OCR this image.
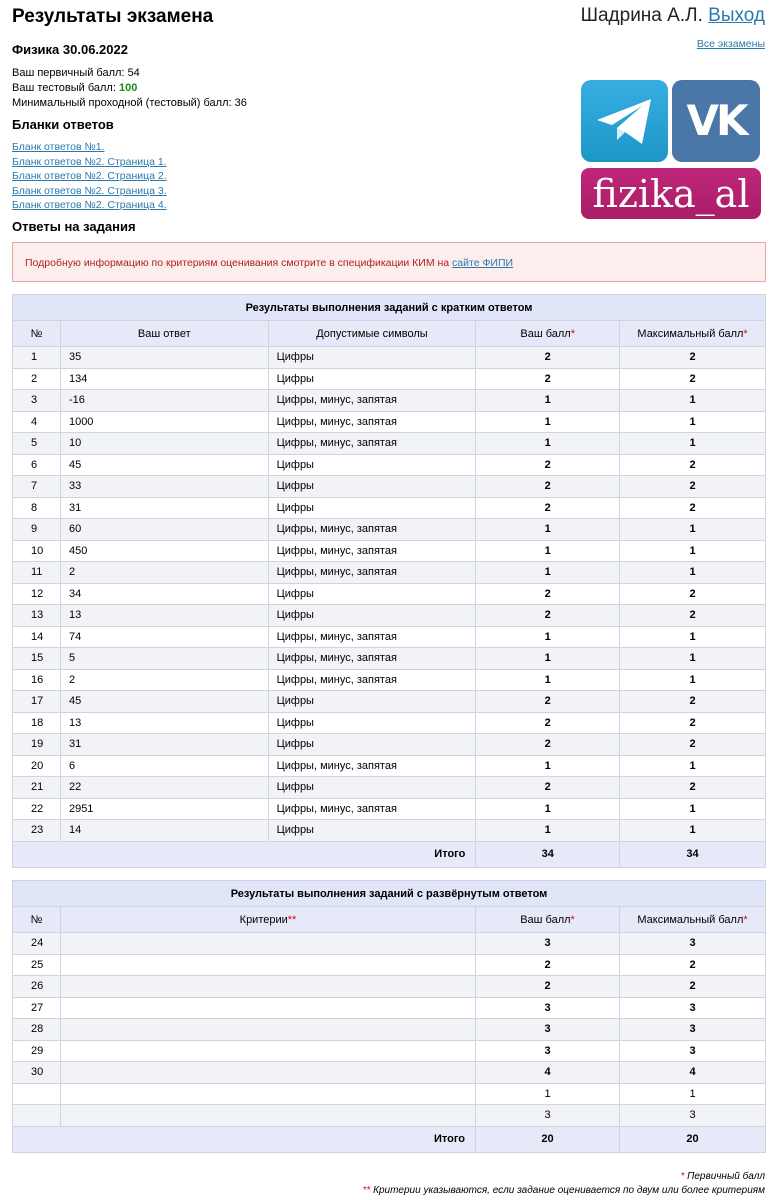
Результаты экзамена	Шадрина А.Л. Выход
Все экзамены
Физика 30.06.2022
Ваш первичный балл: 54
Ваш тестовый балл: 100
Минимальный проходной (тестовый) балл: 36
Бланки ответов
Бланк ответов №1.
Бланк ответов №2. Страница 1.
Бланк ответов №2. Страница 2.
Бланк ответов №2. Страница 3.
Бланк ответов №2. Страница 4.
VK
fizika_al
Ответы на задания
Подробную информацию по критериям оценивания смотрите в спецификации КИМ на сайте ФИПИ
Результаты выполнения заданий с кратким ответом				
№	Ваш ответ	Допустимые символы	Ваш балл*	Максимальный балл*
1	35	Цифры	2	2
2	134	Цифры	2	2
3	-16	Цифры, минус, запятая	1	1
4	1000	Цифры, минус, запятая	1	1
5	10	Цифры, минус, запятая	1	1
6	45	Цифры	2	2
7	33	Цифры	2	2
8	31	Цифры	2	2
9	60	Цифры, минус, запятая	1	1
10	450	Цифры, минус, запятая	1	1
11	2	Цифры, минус, запятая	1	1
12	34	Цифры	2	2
13	13	Цифры	2	2
14	74	Цифры, минус, запятая	1	1
15	5	Цифры, минус, запятая	1	1
16	2	Цифры, минус, запятая	1	1
17	45	Цифры	2	2
18	13	Цифры	2	2
19	31	Цифры	2	2
20	6	Цифры, минус, запятая	1	1
21	22	Цифры	2	2
22	2951	Цифры, минус, запятая	1	1
23	14	Цифры	1	1
Итого			34	34
Результаты выполнения заданий с развёрнутым ответом			
№	Критерии**	Ваш балл*	Максимальный балл*
24		3	3
25		2	2
26		2	2
27		3	3
28		3	3
29		3	3
30		4	4
		1	1
		3	3
Итого		20	20
* Первичный балл
** Критерии указываются, если задание оценивается по двум или более критериям
